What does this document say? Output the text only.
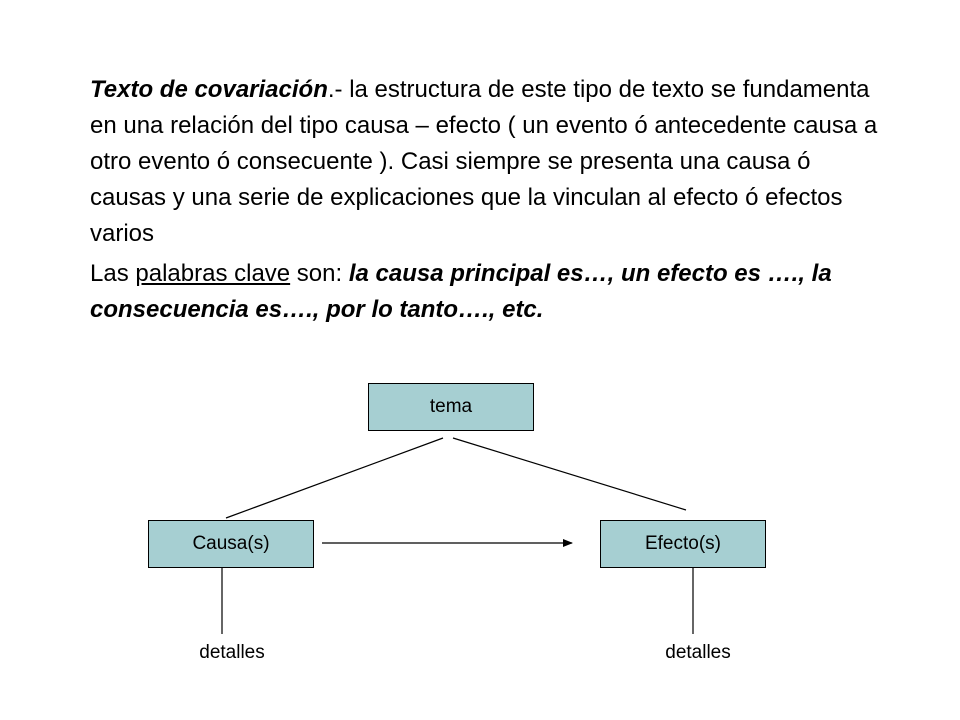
Texto de covariación.- la estructura de este tipo de texto se fundamenta en una relación del tipo causa – efecto ( un evento ó antecedente causa a otro evento ó consecuente ). Casi siempre se presenta una causa ó causas y una serie de explicaciones que la vinculan al efecto ó efectos varios

Las palabras clave son: la causa principal es…, un efecto es …., la consecuencia es…., por lo tanto…., etc.

tema
Causa(s)	Efecto(s)
detalles	detalles
